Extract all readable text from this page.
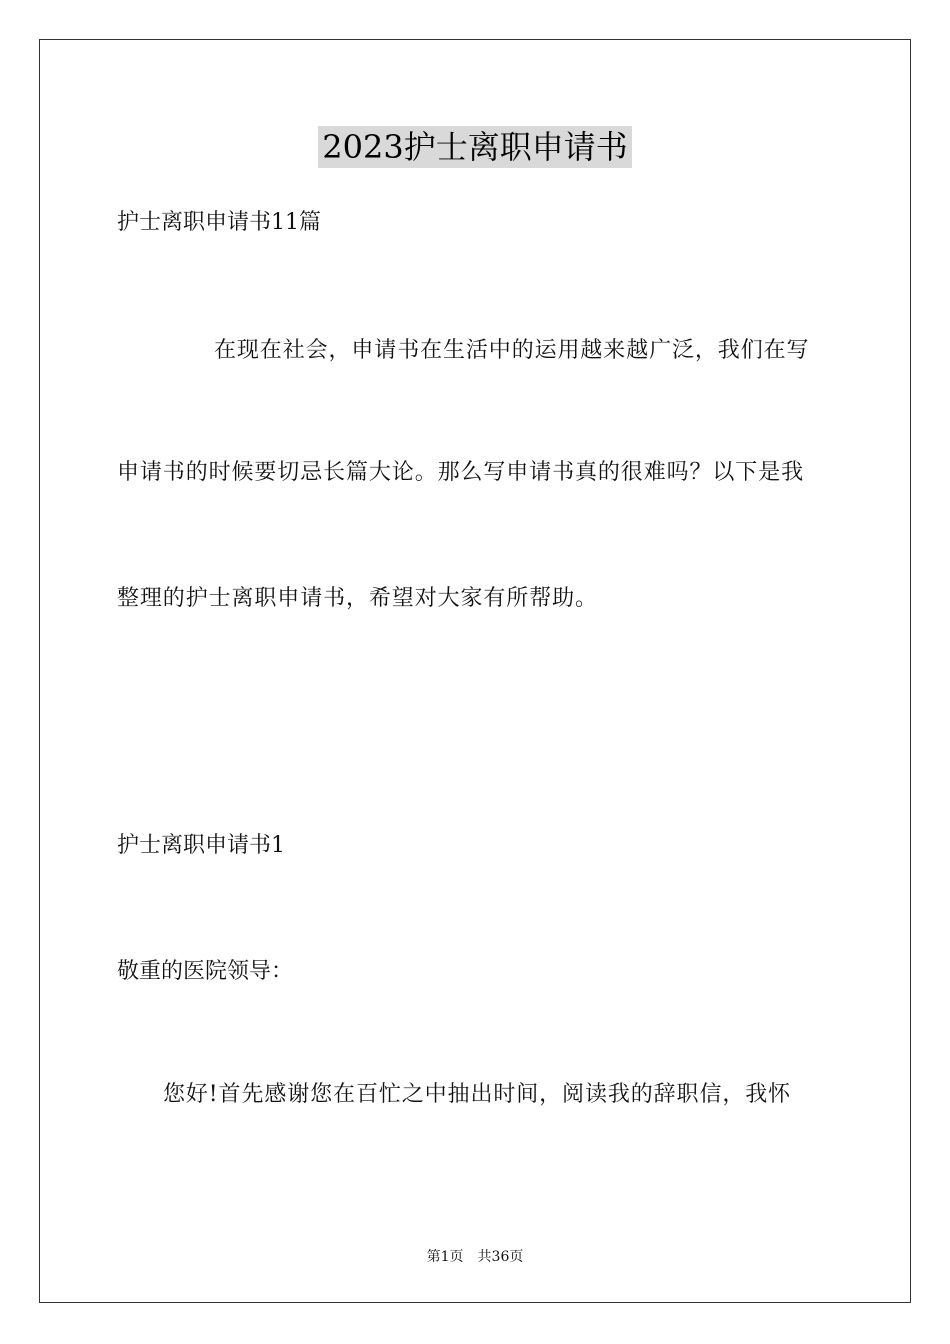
2023护士离职申请书
护士离职申请书11篇
在现在社会，申请书在生活中的运用越来越广泛，我们在写
申请书的时候要切忌长篇大论。那么写申请书真的很难吗？以下是我
整理的护士离职申请书，希望对大家有所帮助。
护士离职申请书1
敬重的医院领导：
您好!首先感谢您在百忙之中抽出时间，阅读我的辞职信，我怀
第1页 共36页
